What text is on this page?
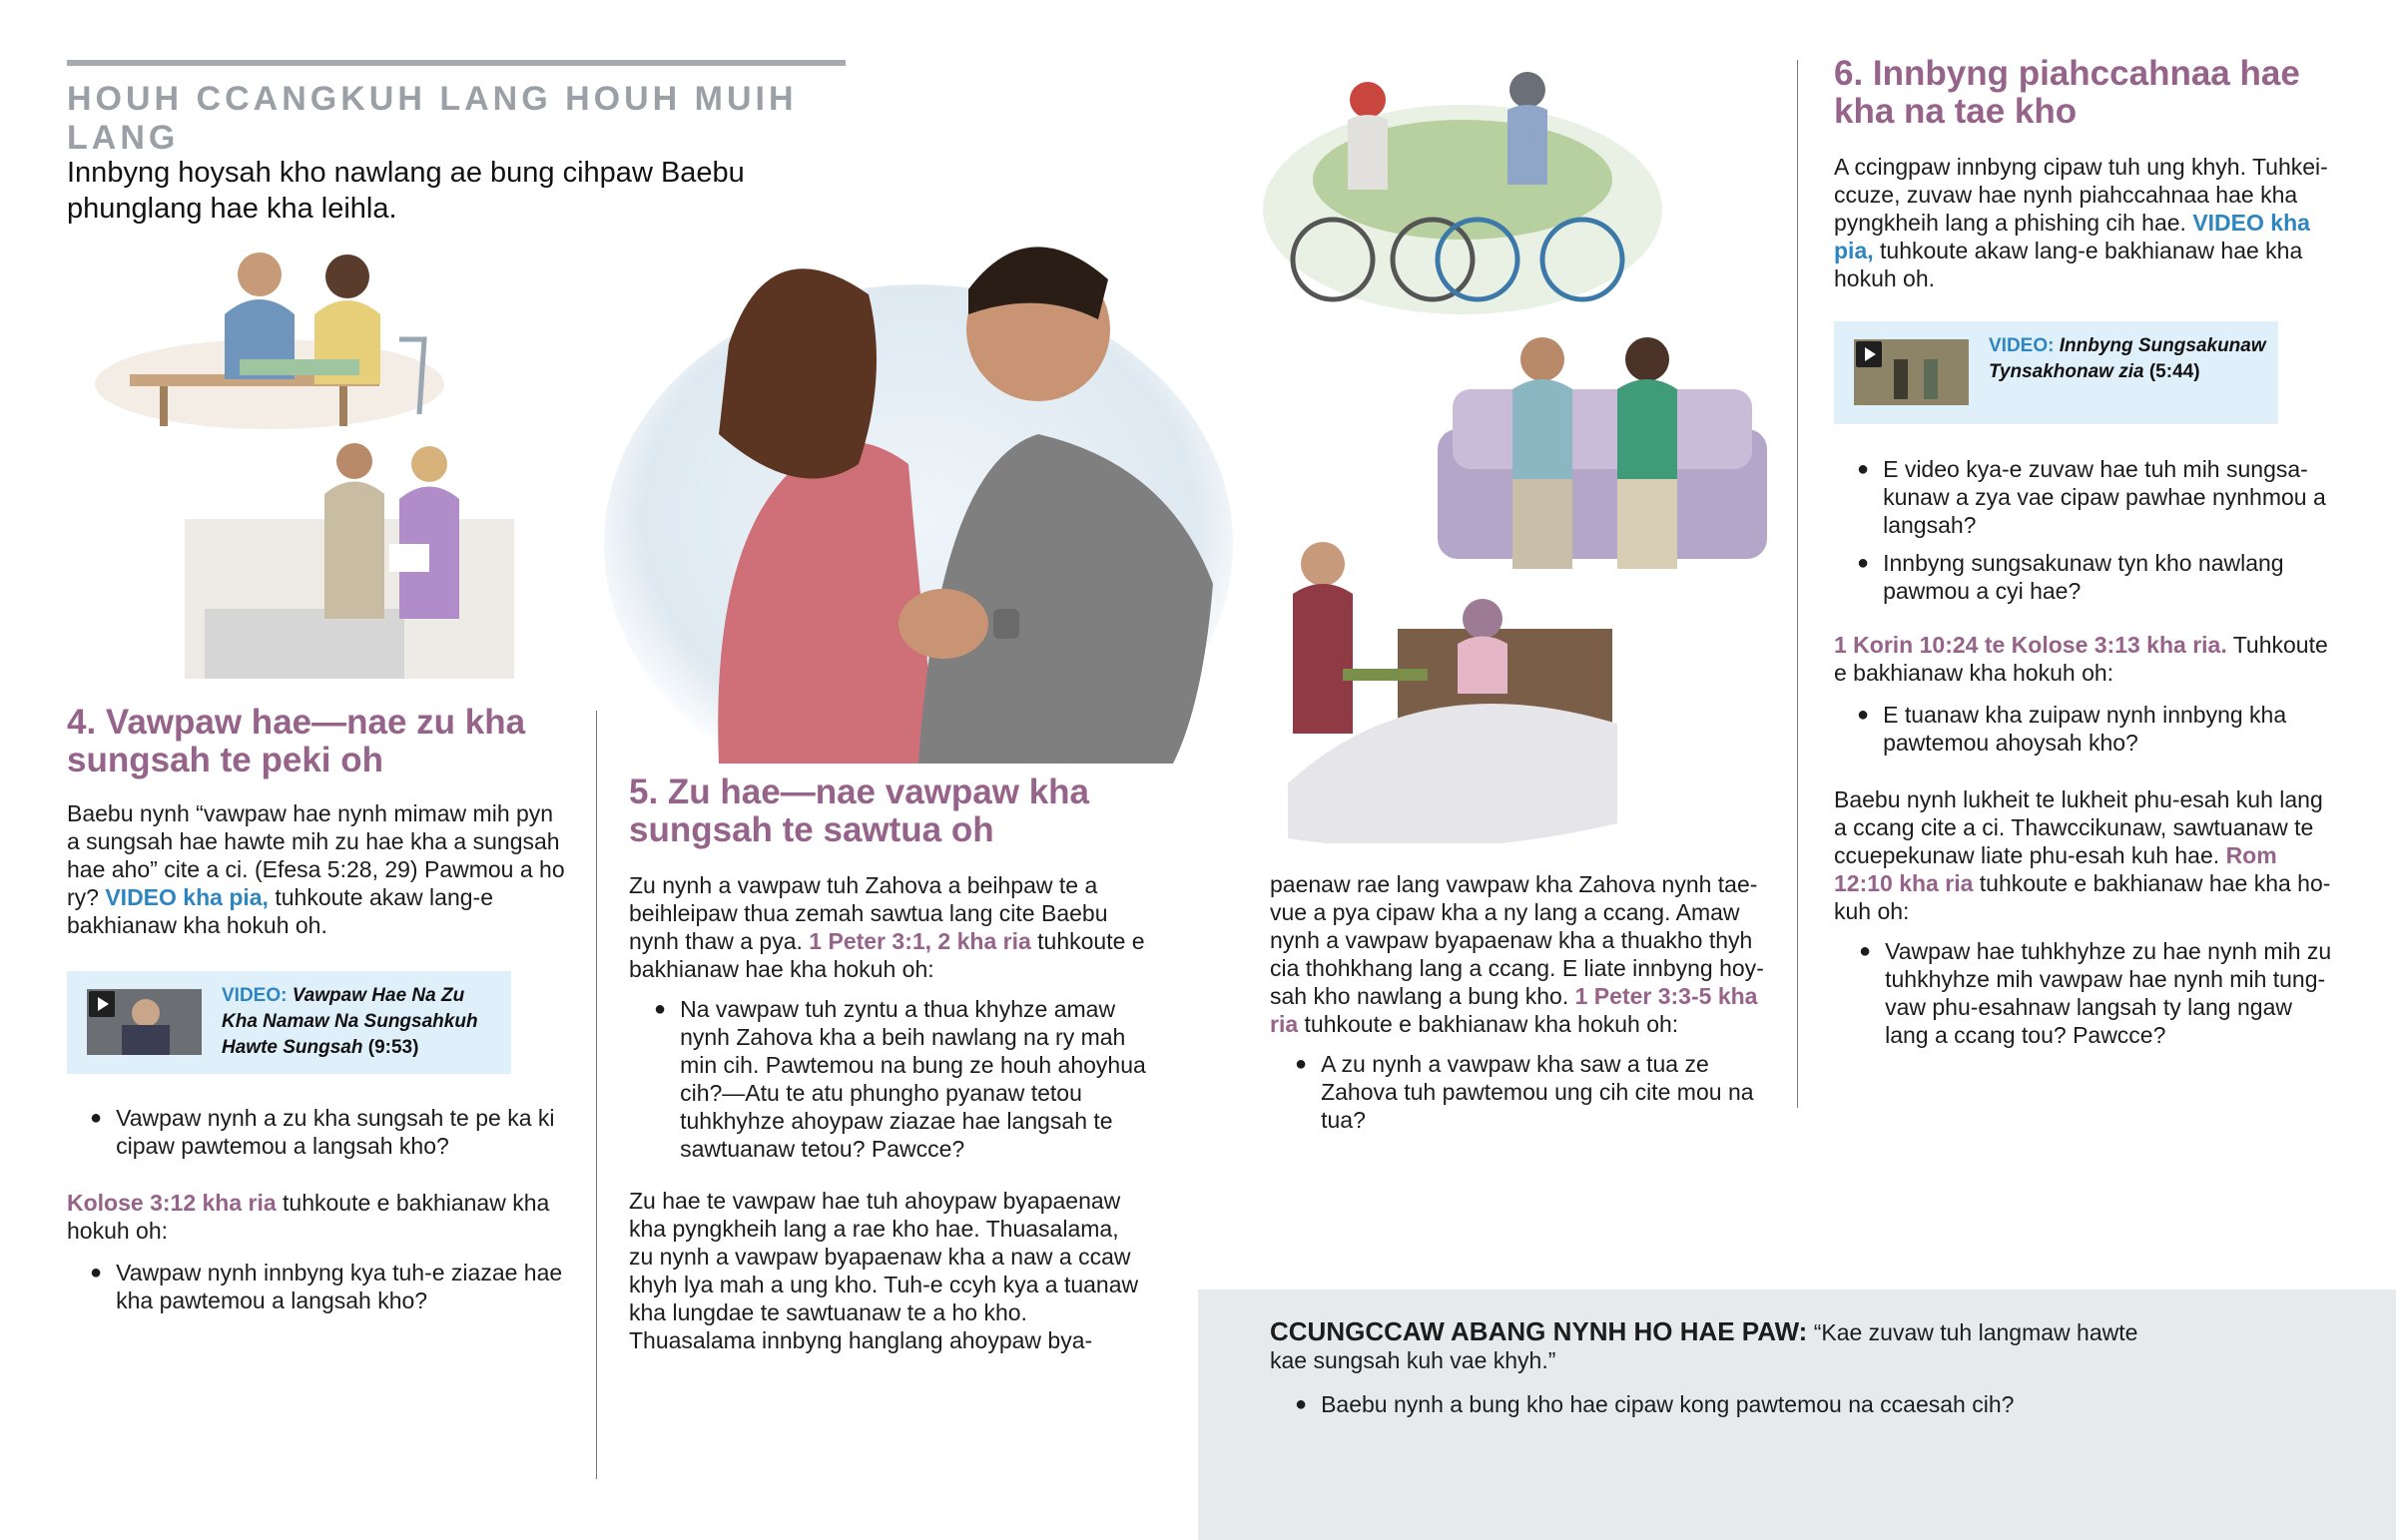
HOUH CCANGKUH LANG HOUH MUIH LANG
Innbyng hoysah kho nawlang ae bung cihpaw Baebu phunglang hae kha leihla.
4. Vawpaw hae—nae zu kha sungsah te peki oh

Baebu nynh “vawpaw hae nynh mimaw mih pyn a sungsah hae hawte mih zu hae kha a sungsah hae aho” cite a ci. (Efesa 5:28, 29) Pawmou a ho ry? VIDEO kha pia, tuhkoute akaw lang-e bakhianaw kha hokuh oh.

VIDEO: Vawpaw Hae Na Zu Kha Namaw Na Sungsahkuh Hawte Sungsah (9:53)
● Vawpaw nynh a zu kha sungsah te pe ka ki cipaw pawtemou a langsah kho?
Kolose 3:12 kha ria tuhkoute e bakhianaw kha hokuh oh:
● Vawpaw nynh innbyng kya tuh-e ziazae hae kha pawtemou a langsah kho?
5. Zu hae—nae vawpaw kha sungsah te sawtua oh

Zu nynh a vawpaw tuh Zahova a beihpaw te a beihleipaw thua zemah sawtua lang cite Baebu nynh thaw a pya. 1 Peter 3:1, 2 kha ria tuhkoute e bakhianaw hae kha hokuh oh:

● Na vawpaw tuh zyntu a thua khyhze amaw nynh Zahova kha a beih nawlang na ry mah min cih. Pawtemou na bung ze houh ahoyhua cih?—Atu te atu phungho pyanaw tetou tuhkhyhze ahoypaw ziazae hae langsah te sawtuanaw tetou? Pawcce?

Zu hae te vawpaw hae tuh ahoypaw byapaenaw kha pyngkheih lang a rae kho hae. Thuasalama, zu nynh a vawpaw byapaenaw kha a naw a ccaw khyh lya mah a ung kho. Tuh-e ccyh kya a tuanaw kha lungdae te sawtuanaw te a ho kho. Thuasalama innbyng hanglang ahoypaw bya-

paenaw rae lang vawpaw kha Zahova nynh taevue a pya cipaw kha a ny lang a ccang. Amaw nynh a vawpaw byapaenaw kha a thuakho thyh cia thohkhang lang a ccang. E liate innbyng hoysah kho nawlang a bung kho. 1 Peter 3:3-5 kha ria tuhkoute e bakhianaw kha hokuh oh:

● A zu nynh a vawpaw kha saw a tua ze Zahova tuh pawtemou ung cih cite mou na tua?
6. Innbyng piahccahnaa hae kha na tae kho

A ccingpaw innbyng cipaw tuh ung khyh. Tuhkeiccuze, zuvaw hae nynh piahccahnaa hae kha pyngkheih lang a phishing cih hae. VIDEO kha pia, tuhkoute akaw lang-e bakhianaw hae kha hokuh oh.

VIDEO: Innbyng Sungsakunaw Tynsakhonaw zia (5:44)
● E video kya-e zuvaw hae tuh mih sungsakunaw a zya vae cipaw pawhae nynhmou a langsah?
● Innbyng sungsakunaw tyn kho nawlang pawmou a cyi hae?
1 Korin 10:24 te Kolose 3:13 kha ria. Tuhkoute e bakhianaw kha hokuh oh:
● E tuanaw kha zuipaw nynh innbyng kha pawtemou ahoysah kho?

Baebu nynh lukheit te lukheit phu-esah kuh lang a ccang cite a ci. Thawccikunaw, sawtuanaw te ccuepekunaw liate phu-esah kuh hae. Rom 12:10 kha ria tuhkoute e bakhianaw hae kha hokuh oh:

● Vawpaw hae tuhkhyhze zu hae nynh mih zu tuhkhyhze mih vawpaw hae nynh mih tungvaw phu-esahnaw langsah ty lang ngaw lang a ccang tou? Pawcce?

CCUNGCCAW ABANG NYNH HO HAE PAW: “Kae zuvaw tuh langmaw hawte kae sungsah kuh vae khyh.”

● Baebu nynh a bung kho hae cipaw kong pawtemou na ccaesah cih?
